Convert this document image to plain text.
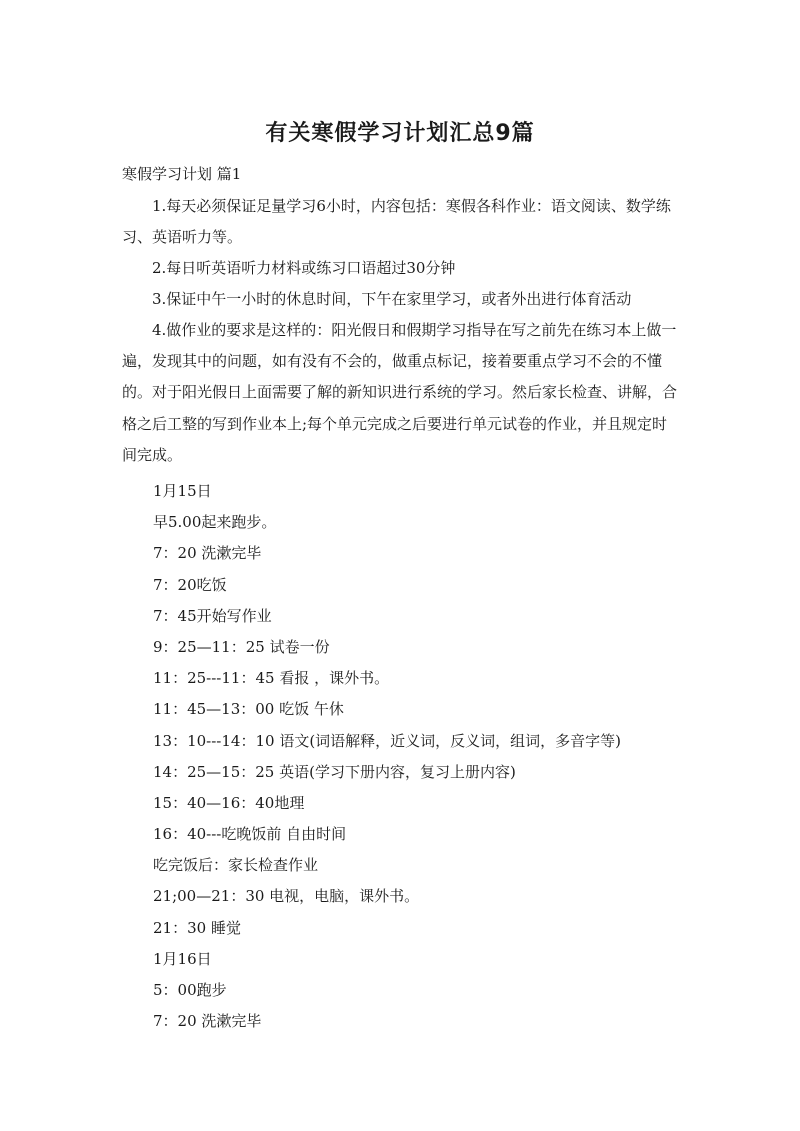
有关寒假学习计划汇总9篇

寒假学习计划 篇1

1.每天必须保证足量学习6小时，内容包括：寒假各科作业：语文阅读、数学练习、英语听力等。

2.每日听英语听力材料或练习口语超过30分钟

3.保证中午一小时的休息时间，下午在家里学习，或者外出进行体育活动

4.做作业的要求是这样的：阳光假日和假期学习指导在写之前先在练习本上做一遍，发现其中的问题，如有没有不会的，做重点标记，接着要重点学习不会的不懂的。对于阳光假日上面需要了解的新知识进行系统的学习。然后家长检查、讲解，合格之后工整的写到作业本上;每个单元完成之后要进行单元试卷的作业，并且规定时间完成。

1月15日
早5.00起来跑步。
7：20 洗漱完毕
7：20吃饭
7：45开始写作业
9：25—11：25 试卷一份
11：25---11：45 看报 ，课外书。
11：45—13：00 吃饭 午休
13：10---14：10 语文(词语解释，近义词，反义词，组词，多音字等)
14：25—15：25 英语(学习下册内容，复习上册内容)
15：40—16：40地理
16：40---吃晚饭前 自由时间
吃完饭后：家长检查作业
21;00—21：30 电视，电脑，课外书。
21：30 睡觉
1月16日
5：00跑步
7：20 洗漱完毕
